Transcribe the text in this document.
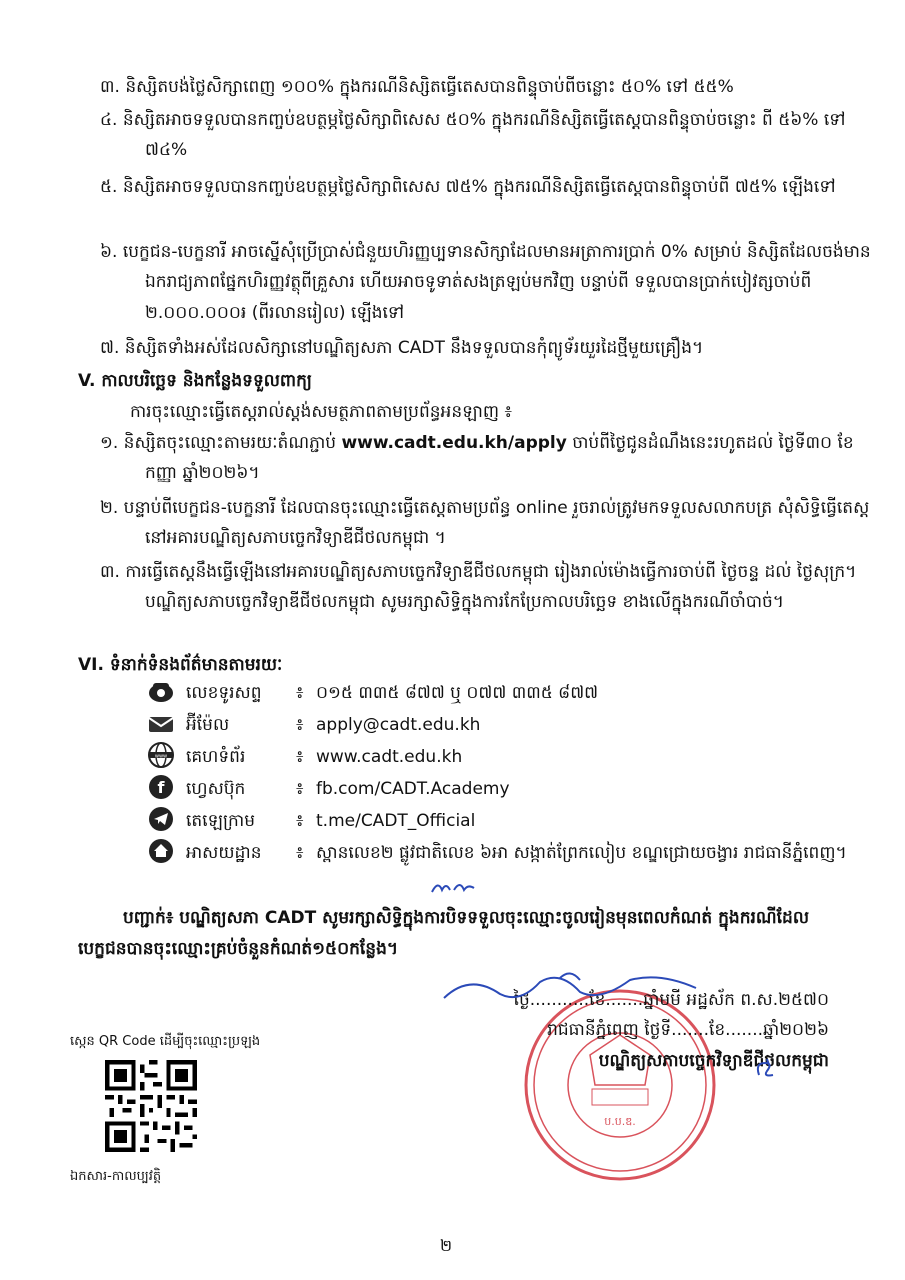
៣. និស្សិតបង់ថ្លៃសិក្សាពេញ ១០០% ក្នុងករណីនិស្សិតធ្វើតេសបានពិន្ទុចាប់ពីចន្លោះ ៥០% ទៅ ៥៥%
៤. និស្សិតអាចទទួលបានកញ្ចប់ឧបត្ថម្ភថ្លៃសិក្សាពិសេស ៥០% ក្នុងករណីនិស្សិតធ្វើតេស្តបានពិន្ទុចាប់ចន្លោះ ពី ៥៦% ទៅ ៧៤%
៥. និស្សិតអាចទទួលបានកញ្ចប់ឧបត្ថម្ភថ្លៃសិក្សាពិសេស ៧៥% ក្នុងករណីនិស្សិតធ្វើតេស្តបានពិន្ទុចាប់ពី ៧៥% ឡើងទៅ
៦. បេក្ខជន-បេក្ខនារី អាចស្នើសុំប្រើប្រាស់ជំនួយហិរញ្ញប្បទានសិក្សាដែលមានអត្រាការប្រាក់ 0% សម្រាប់ និស្សិតដែលចង់មានឯករាជ្យភាពផ្នែកហិរញ្ញវត្ថុពីគ្រួសារ ហើយអាចទូទាត់សងត្រឡប់មកវិញ បន្ទាប់ពី ទទួលបានប្រាក់បៀវត្សចាប់ពី ២.០០០.០០០៛ (ពីរលានរៀល) ឡើងទៅ
៧. និស្សិតទាំងអស់ដែលសិក្សានៅបណ្ឌិត្យសភា CADT នឹងទទួលបានកុំព្យូទ័រយួរដៃថ្មីមួយគ្រឿង។
V. កាលបរិច្ឆេទ និងកន្លែងទទួលពាក្យ
ការចុះឈ្មោះធ្វើតេស្តរាល់ស្តង់សមត្ថភាពតាមប្រព័ន្ធអនឡាញ ៖
១. និស្សិតចុះឈ្មោះតាមរយៈតំណភ្ជាប់ www.cadt.edu.kh/apply ចាប់ពីថ្ងៃជូនដំណឹងនេះរហូតដល់ ថ្ងៃទី៣០ ខែកញ្ញា ឆ្នាំ២០២៦។
២. បន្ទាប់ពីបេក្ខជន-បេក្ខនារី ដែលបានចុះឈ្មោះធ្វើតេស្តតាមប្រព័ន្ធ online រួចរាល់ត្រូវមកទទួលសលាកបត្រ សុំសិទ្ធិធ្វើតេស្តនៅអគារបណ្ឌិត្យសភាបច្ចេកវិទ្យាឌីជីថលកម្ពុជា ។
៣. ការធ្វើតេស្តនឹងធ្វើឡើងនៅអគារបណ្ឌិត្យសភាបច្ចេកវិទ្យាឌីជីថលកម្ពុជា រៀងរាល់ម៉ោងធ្វើការចាប់ពី ថ្ងៃចន្ទ ដល់ ថ្ងៃសុក្រ។ បណ្ឌិត្យសភាបច្ចេកវិទ្យាឌីជីថលកម្ពុជា សូមរក្សាសិទ្ធិក្នុងការកែប្រែកាលបរិច្ឆេទ ខាងលើក្នុងករណីចាំបាច់។
VI. ទំនាក់ទំនងព័ត៌មានតាមរយៈ
លេខទូរសព្ទ	៖ ០១៥ ៣៣៥ ៨៧៧ ឬ ០៧៧ ៣៣៥ ៨៧៧
អ៊ីម៉ែល	៖ apply@cadt.edu.kh
www គេហទំព័រ	៖ www.cadt.edu.kh
f ហ្វេសប៊ុក	៖ fb.com/CADT.Academy
តេឡេក្រាម	៖ t.me/CADT_Official
អាសយដ្ឋាន	៖ ស្ពានលេខ២ ផ្លូវជាតិលេខ ៦អា សង្កាត់ព្រែកលៀប ខណ្ឌជ្រោយចង្វារ រាជធានីភ្នំពេញ។
បញ្ជាក់៖ បណ្ឌិត្យសភា CADT សូមរក្សាសិទ្ធិក្នុងការបិទទទួលចុះឈ្មោះចូលរៀនមុនពេលកំណត់ ក្នុងករណីដែលបេក្ខជនបានចុះឈ្មោះគ្រប់ចំនួនកំណត់១៥០កន្លែង។
ប.ប.ឌ.
ថ្ងៃ...........ខែ.......ឆ្នាំមមី អដ្ឋស័ក ព.ស.២៥៧០
រាជធានីភ្នំពេញ ថ្ងៃទី.......ខែ.......ឆ្នាំ២០២៦
បណ្ឌិត្យសភាបច្ចេកវិទ្យាឌីជីថលកម្ពុជា
ស្កេន QR Code ដើម្បីចុះឈ្មោះប្រឡង
ឯកសារ-កាលប្បវត្តិ
២
